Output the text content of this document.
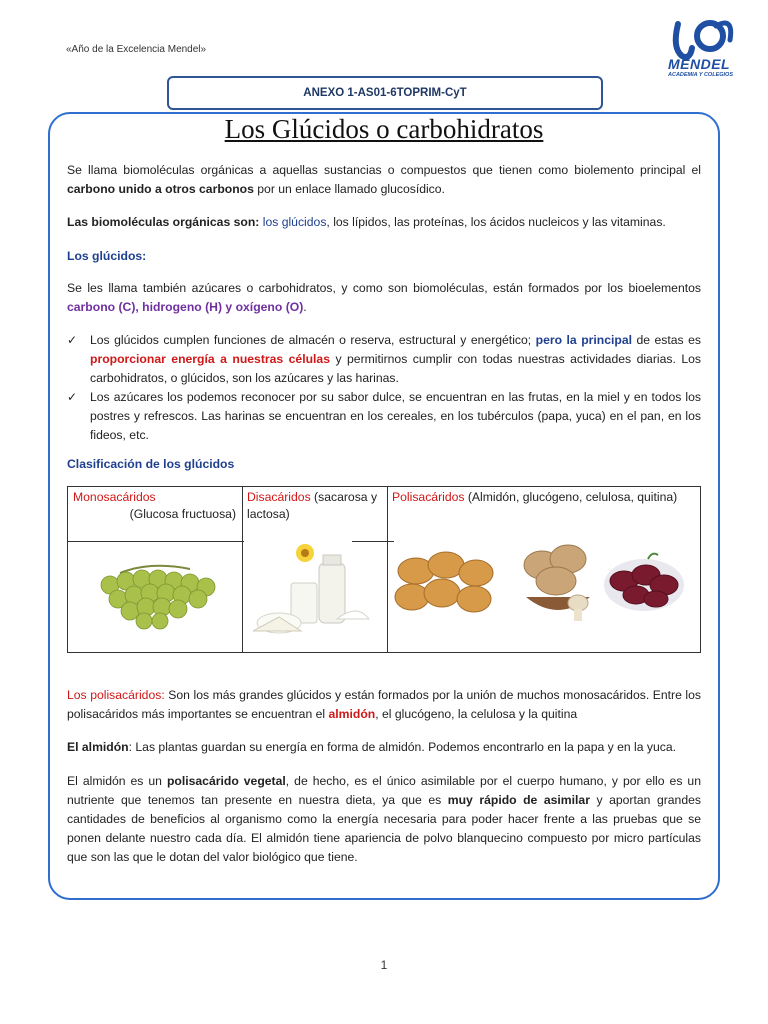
«Año de la Excelencia Mendel»
MENDEL
ACADEMIA Y COLEGIOS
ANEXO 1-AS01-6TOPRIM-CyT
Los Glúcidos o carbohidratos
Se llama biomoléculas orgánicas a aquellas sustancias o compuestos que tienen como biolemento principal el carbono unido a otros carbonos por un enlace llamado glucosídico.
Las biomoléculas orgánicas son: los glúcidos, los lípidos, las proteínas, los ácidos nucleicos y las vitaminas.
Los glúcidos:
Se les llama también azúcares o carbohidratos, y como son biomoléculas, están formados por los bioelementos carbono (C), hidrogeno (H) y oxígeno (O).
✓ Los glúcidos cumplen funciones de almacén o reserva, estructural y energético; pero la principal de estas es proporcionar energía a nuestras células y permitirnos cumplir con todas nuestras actividades diarias. Los carbohidratos, o glúcidos, son los azúcares y las harinas.
✓ Los azúcares los podemos reconocer por su sabor dulce, se encuentran en las frutas, en la miel y en todos los postres y refrescos. Las harinas se encuentran en los cereales, en los tubérculos (papa, yuca) en el pan, en los fideos, etc.
Clasificación de los glúcidos
Monosacáridos
(Glucosa fructuosa)
Disacáridos (sacarosa y lactosa)
Polisacáridos (Almidón, glucógeno, celulosa, quitina)
Los polisacáridos: Son los más grandes glúcidos y están formados por la unión de muchos monosacáridos. Entre los polisacáridos más importantes se encuentran el almidón, el glucógeno, la celulosa y la quitina
El almidón: Las plantas guardan su energía en forma de almidón. Podemos encontrarlo en la papa y en la yuca.
El almidón es un polisacárido vegetal, de hecho, es el único asimilable por el cuerpo humano, y por ello es un nutriente que tenemos tan presente en nuestra dieta, ya que es muy rápido de asimilar y aportan grandes cantidades de beneficios al organismo como la energía necesaria para poder hacer frente a las pruebas que se ponen delante nuestro cada día. El almidón tiene apariencia de polvo blanquecino compuesto por micro partículas que son las que le dotan del valor biológico que tiene.
1
